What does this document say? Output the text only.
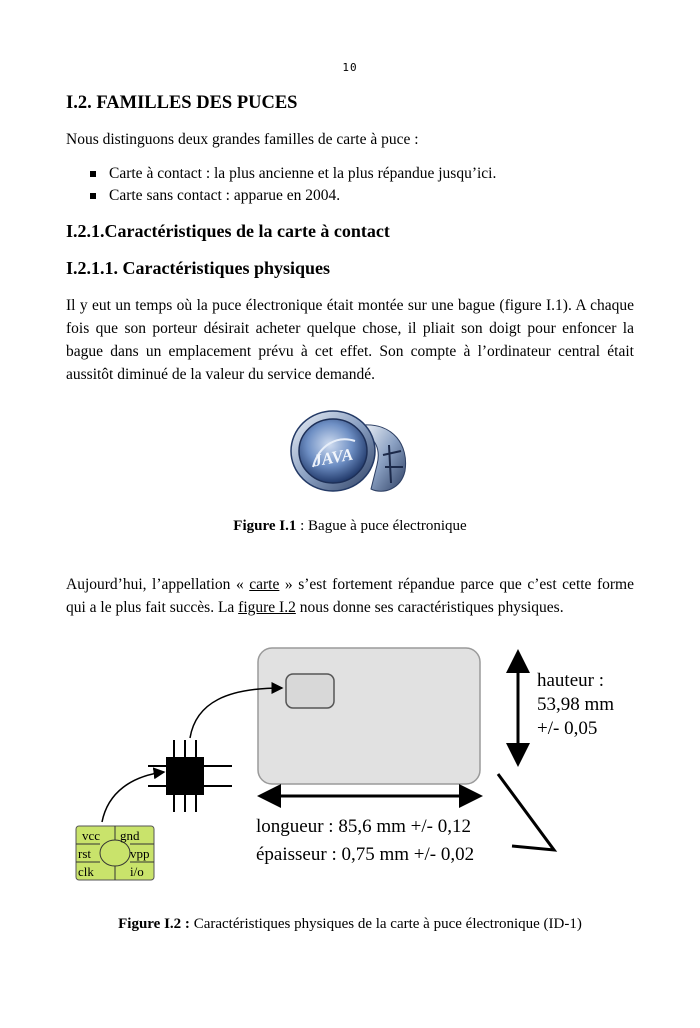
10
I.2. FAMILLES DES PUCES
Nous distinguons deux grandes familles de carte à puce :
Carte à contact : la plus ancienne et la plus répandue jusqu’ici.
Carte sans contact : apparue en 2004.
I.2.1.Caractéristiques de la carte à contact
I.2.1.1. Caractéristiques physiques
Il y eut un temps où la puce électronique était montée sur une bague (figure I.1). A chaque fois que son porteur désirait acheter quelque chose, il pliait son doigt pour enfoncer la bague dans un emplacement prévu à cet effet. Son compte à l’ordinateur central était aussitôt diminué de la valeur du service demandé.
JAVA
Figure I.1 : Bague à puce électronique
Aujourd’hui, l’appellation « carte » s’est fortement répandue parce que c’est cette forme qui a le plus fait succès. La figure I.2 nous donne ses caractéristiques physiques.
hauteur :
53,98 mm
+/- 0,05
longueur : 85,6 mm +/- 0,12
épaisseur : 0,75 mm +/- 0,02
vcc gnd
rst	vpp
clk	i/o
Figure I.2 : Caractéristiques physiques de la carte à puce électronique (ID-1)
